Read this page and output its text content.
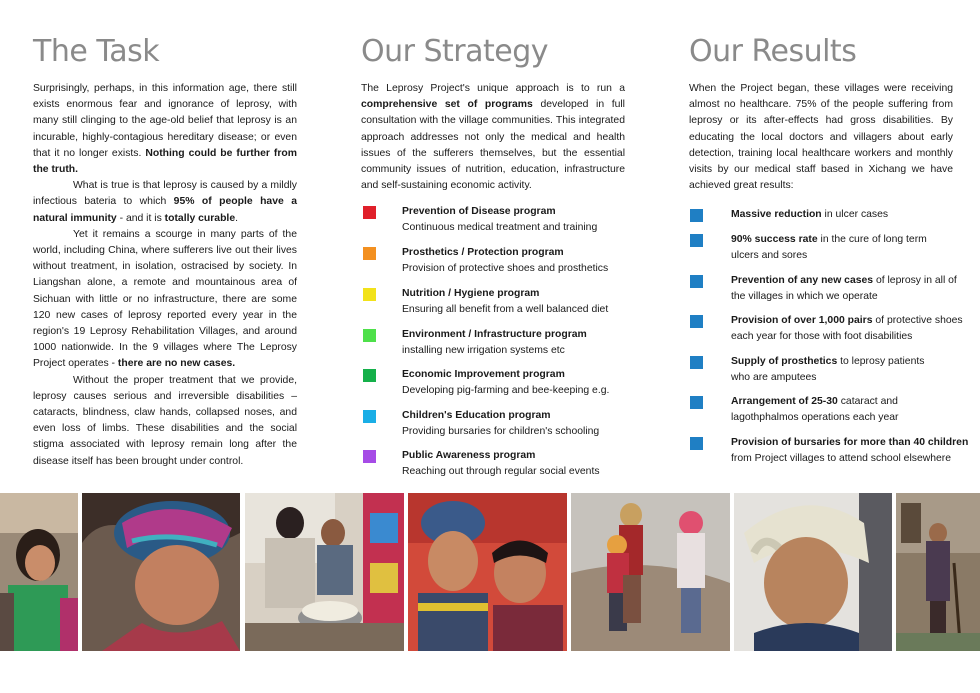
The Task

Surprisingly, perhaps, in this information age, there still exists enormous fear and ignorance of leprosy, with many still clinging to the age-old belief that leprosy is an incurable, highly-contagious hereditary disease; or even that it no longer exists. Nothing could be further from the truth.

What is true is that leprosy is caused by a mildly infectious bateria to which 95% of people have a natural immunity - and it is totally curable.

Yet it remains a scourge in many parts of the world, including China, where sufferers live out their lives without treatment, in isolation, ostracised by society. In Liangshan alone, a remote and mountainous area of Sichuan with little or no infrastructure, there are some 120 new cases of leprosy reported every year in the region's 19 Leprosy Rehabilitation Villages, and around 1000 nationwide. In the 9 villages where The Leprosy Project operates - there are no new cases.

Without the proper treatment that we provide, leprosy causes serious and irreversible disabilities – cataracts, blindness, claw hands, collapsed noses, and even loss of limbs. These disabilities and the social stigma associated with leprosy remain long after the disease itself has been brought under control.

Our Strategy

The Leprosy Project's unique approach is to run a comprehensive set of programs developed in full consultation with the village communities. This integrated approach addresses not only the medical and health issues of the sufferers themselves, but the essential community issues of nutrition, education, infrastructure and self-sustaining economic activity.

Prevention of Disease program
Continuous medical treatment and training
Prosthetics / Protection program
Provision of protective shoes and prosthetics
Nutrition / Hygiene program
Ensuring all benefit from a well balanced diet
Environment / Infrastructure program
installing new irrigation systems etc
Economic Improvement program
Developing pig-farming and bee-keeping e.g.
Children's Education program
Providing bursaries for children's schooling
Public Awareness program
Reaching out through regular social events
Our Results

When the Project began, these villages were receiving almost no healthcare. 75% of the people suffering from leprosy or its after-effects had gross disabilities. By educating the local doctors and villagers about early detection, training local healthcare workers and monthly visits by our medical staff based in Xichang we have achieved great results:

Massive reduction in ulcer cases
90% success rate in the cure of long term ulcers and sores
Prevention of any new cases of leprosy in all of the villages in which we operate
Provision of over 1,000 pairs of protective shoes each year for those with foot disabilities
Supply of prosthetics to leprosy patients who are amputees
Arrangement of 25-30 cataract and lagothphalmos operations each year
Provision of bursaries for more than 40 children from Project villages to attend school elsewhere
